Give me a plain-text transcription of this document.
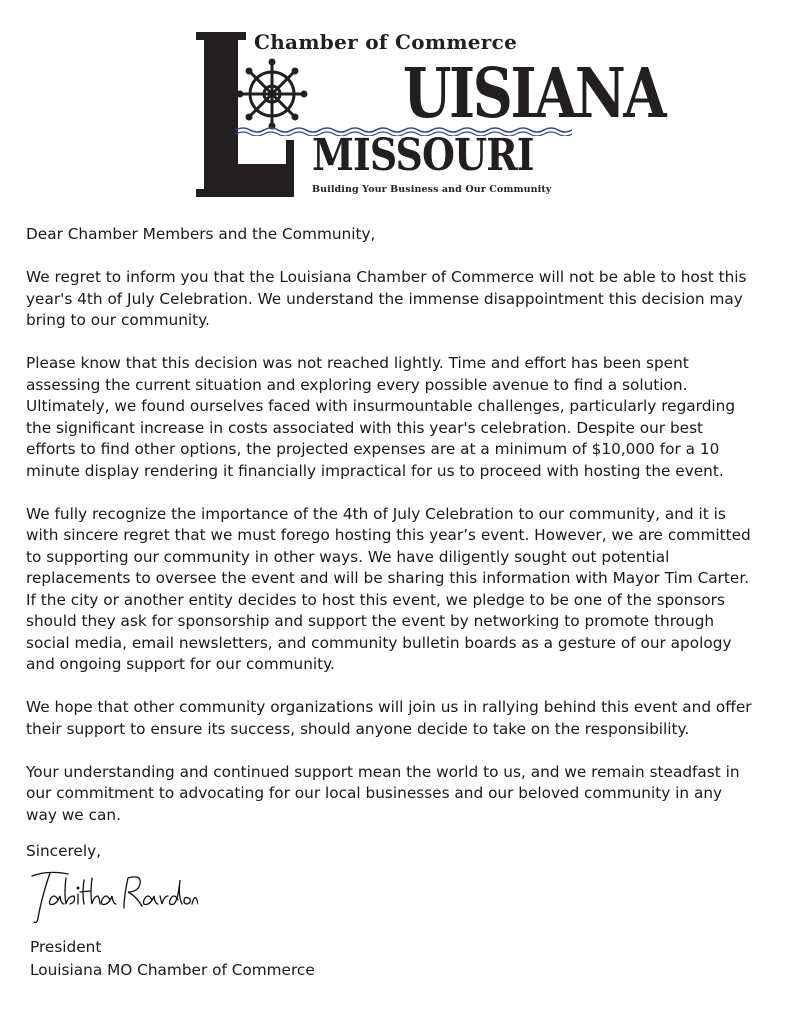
Chamber of Commerce
UISIANA
MISSOURI
Building Your Business and Our Community

Dear Chamber Members and the Community,

We regret to inform you that the Louisiana Chamber of Commerce will not be able to host this year's 4th of July Celebration. We understand the immense disappointment this decision may bring to our community.

Please know that this decision was not reached lightly. Time and effort has been spent assessing the current situation and exploring every possible avenue to find a solution. Ultimately, we found ourselves faced with insurmountable challenges, particularly regarding the significant increase in costs associated with this year's celebration. Despite our best efforts to find other options, the projected expenses are at a minimum of $10,000 for a 10 minute display rendering it financially impractical for us to proceed with hosting the event.

We fully recognize the importance of the 4th of July Celebration to our community, and it is with sincere regret that we must forego hosting this year’s event. However, we are committed to supporting our community in other ways. We have diligently sought out potential replacements to oversee the event and will be sharing this information with Mayor Tim Carter. If the city or another entity decides to host this event, we pledge to be one of the sponsors should they ask for sponsorship and support the event by networking to promote through social media, email newsletters, and community bulletin boards as a gesture of our apology and ongoing support for our community.

We hope that other community organizations will join us in rallying behind this event and offer their support to ensure its success, should anyone decide to take on the responsibility.

Your understanding and continued support mean the world to us, and we remain steadfast in our commitment to advocating for our local businesses and our beloved community in any way we can.

Sincerely,
President
Louisiana MO Chamber of Commerce
